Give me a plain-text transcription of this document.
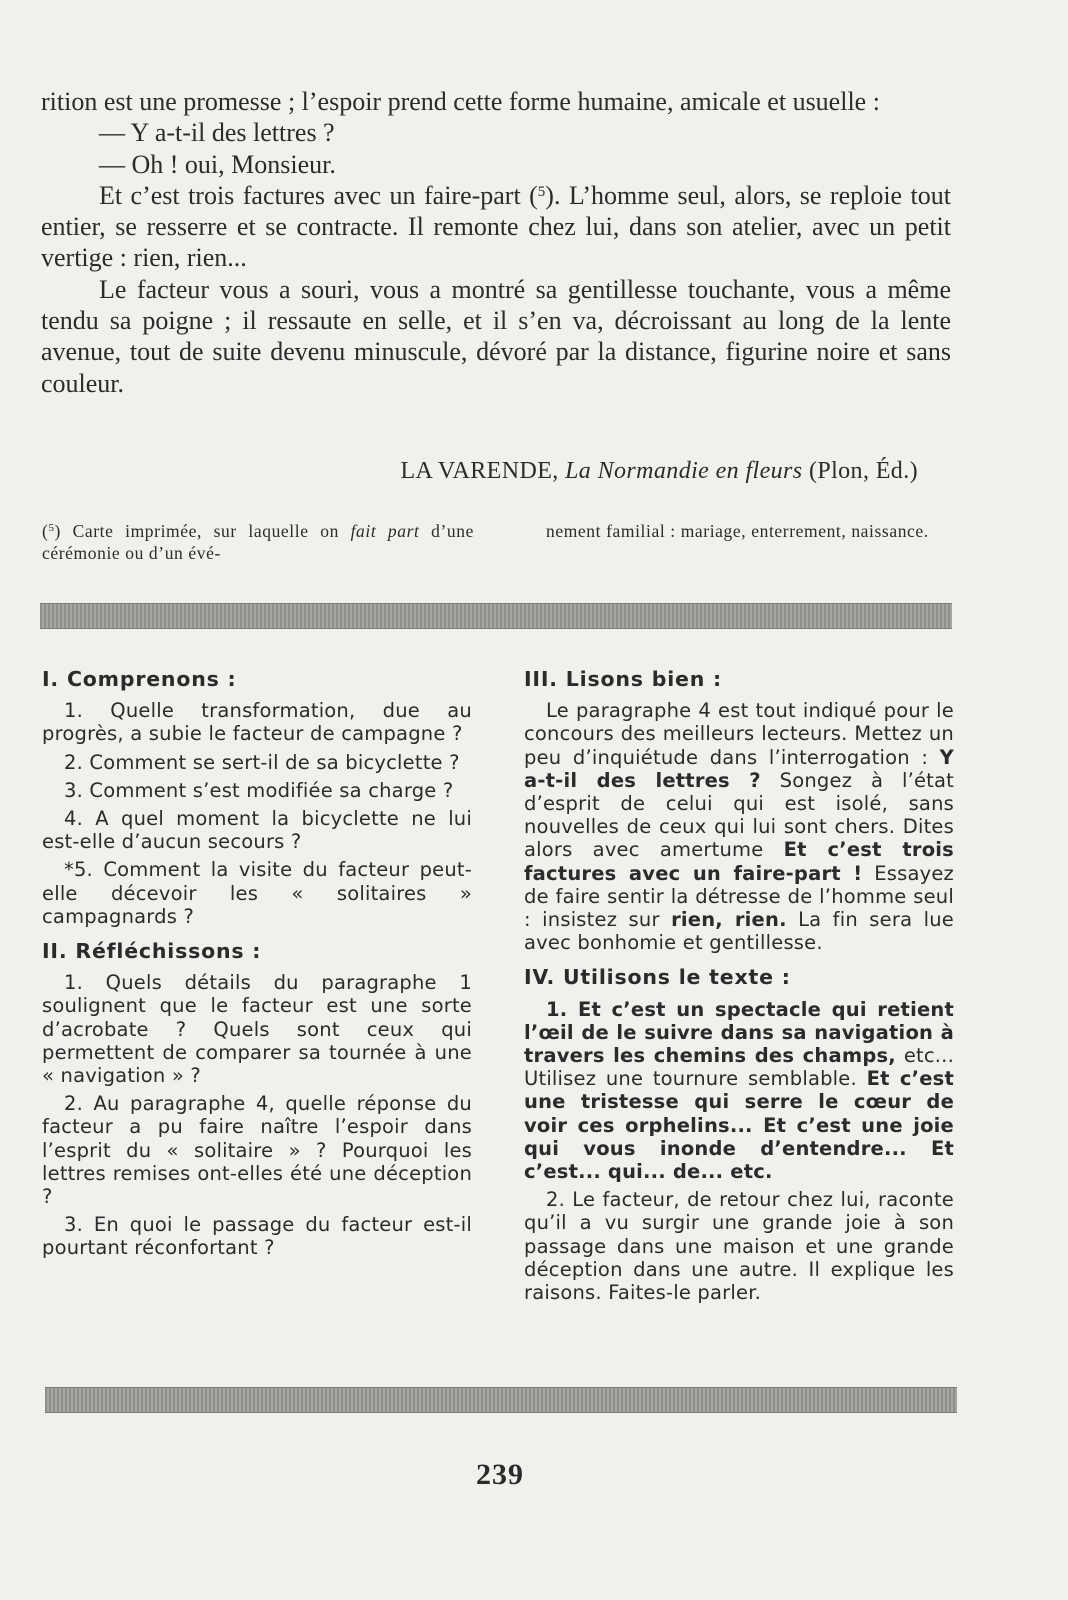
rition est une promesse ; l’espoir prend cette forme humaine, amicale et usuelle :

— Y a-t-il des lettres ?

— Oh ! oui, Monsieur.

Et c’est trois factures avec un faire-part ($^5$). L’homme seul, alors, se reploie tout entier, se resserre et se contracte. Il remonte chez lui, dans son atelier, avec un petit vertige : rien, rien...

Le facteur vous a souri, vous a montré sa gentillesse touchante, vous a même tendu sa poigne ; il ressaute en selle, et il s’en va, décroissant au long de la lente avenue, tout de suite devenu minuscule, dévoré par la distance, figurine noire et sans couleur.

LA VARENDE, La Normandie en fleurs (Plon, Éd.)
($^5$) Carte imprimée, sur laquelle on fait part d’une cérémonie ou d’un évé-
nement familial : mariage, enterrement, naissance.
I. Comprenons :

1. Quelle transformation, due au progrès, a subie le facteur de campagne ?

2. Comment se sert-il de sa bicyclette ?

3. Comment s’est modifiée sa charge ?

4. A quel moment la bicyclette ne lui est-elle d’aucun secours ?

*5. Comment la visite du facteur peut-elle décevoir les « solitaires » campagnards ?

II. Réfléchissons :

1. Quels détails du paragraphe 1 soulignent que le facteur est une sorte d’acrobate ? Quels sont ceux qui permettent de comparer sa tournée à une « navigation » ?

2. Au paragraphe 4, quelle réponse du facteur a pu faire naître l’espoir dans l’esprit du « solitaire » ? Pourquoi les lettres remises ont-elles été une déception ?

3. En quoi le passage du facteur est-il pourtant réconfortant ?

III. Lisons bien :

Le paragraphe 4 est tout indiqué pour le concours des meilleurs lecteurs. Mettez un peu d’inquiétude dans l’interrogation : Y a-t-il des lettres ? Songez à l’état d’esprit de celui qui est isolé, sans nouvelles de ceux qui lui sont chers. Dites alors avec amertume Et c’est trois factures avec un faire-part ! Essayez de faire sentir la détresse de l’homme seul : insistez sur rien, rien. La fin sera lue avec bonhomie et gentillesse.

IV. Utilisons le texte :

1. Et c’est un spectacle qui retient l’œil de le suivre dans sa navigation à travers les chemins des champs, etc... Utilisez une tournure semblable. Et c’est une tristesse qui serre le cœur de voir ces orphelins... Et c’est une joie qui vous inonde d’entendre... Et c’est... qui... de... etc.

2. Le facteur, de retour chez lui, raconte qu’il a vu surgir une grande joie à son passage dans une maison et une grande déception dans une autre. Il explique les raisons. Faites-le parler.

239
